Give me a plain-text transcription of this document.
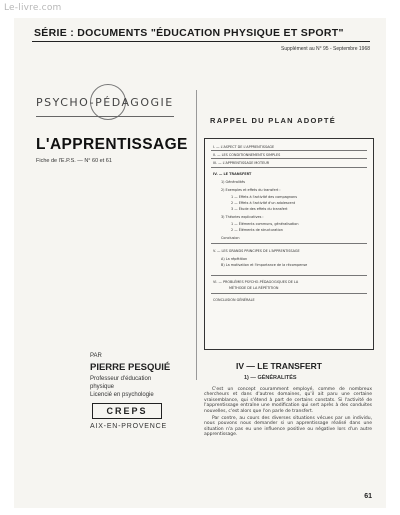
SÉRIE : DOCUMENTS "ÉDUCATION PHYSIQUE ET SPORT"
Supplément au N° 95 - Septembre 1968
PSYCHO-PÉDAGOGIE
L'APPRENTISSAGE
Fiche de l'E.P.S. — N° 60 et 61
PAR
PIERRE PESQUIÉ
Professeur d'éducation
physique
Licencié en psychologie
CREPS
AIX-EN-PROVENCE
RAPPEL DU PLAN ADOPTÉ
I. — L'ASPECT DE L'APPRENTISSAGE
II. — LES CONDITIONNEMENTS SIMPLES
III. — L'APPRENTISSAGE MOTEUR
IV. — LE TRANSFERT
1) Généralités
2) Exemples et effets du transfert :
1 — Effets à l'activité des compagnons
2 — Effets à l'activité d'un adolescent
3 — Étude des effets du transfert
3) Théories explicatives :
1 — Éléments communs, généralisation
2 — Éléments de structuration
Conclusion
V. — LES GRANDS PRINCIPES DE L'APPRENTISSAGE
A) La répétition
B) La motivation et l'importance de la récompense
VI. — PROBLÈMES PSYCHO-PÉDAGOGIQUES DE LA
MÉTHODE DE LA RÉPÉTITION
CONCLUSION GÉNÉRALE
IV — LE TRANSFERT
1) — GÉNÉRALITÉS

C'est un concept couramment employé, comme de nombreux chercheurs et dans d'autres domaines, qu'il ait paru une certaine vraisemblance, qui s'étend à part de certains constats. Si l'activité de l'apprentissage entraîne une modification qui sert après à des conduites nouvelles, c'est alors que l'on parle de transfert.

Par contre, au cours des diverses situations vécues par un individu, nous pouvons nous demander si un apprentissage réalisé dans une situation n'a pas eu une influence positive ou négative lors d'un autre apprentissage.

61
Le-livre.com
